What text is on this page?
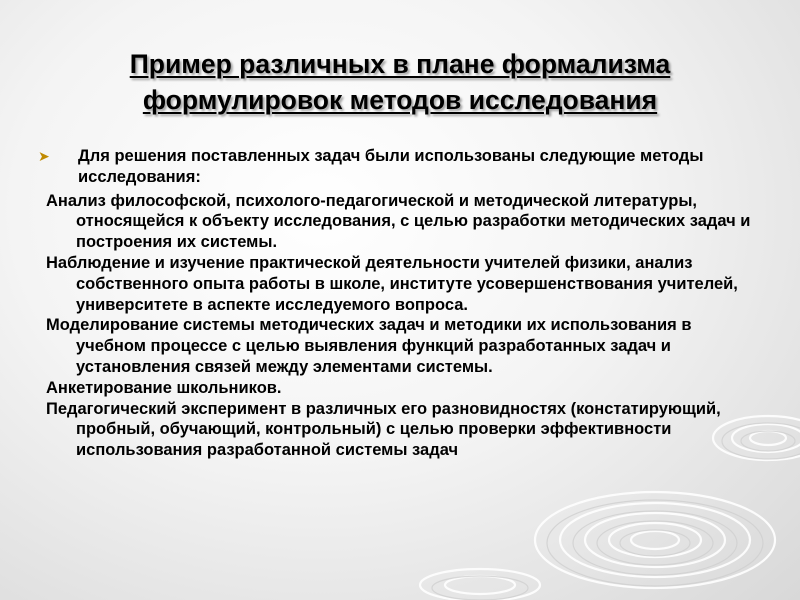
Пример различных в плане формализма
формулировок методов исследования
➤	Для решения поставленных задач были использованы следующие методы исследования:
Анализ философской, психолого-педагогической и методической литературы, относящейся к объекту исследования, с целью разработки методических задач и построения их системы.
Наблюдение и изучение практической деятельности учителей физики, анализ собственного опыта работы в школе, институте усовершенствования учителей, университете в аспекте исследуемого вопроса.
Моделирование системы методических задач и методики их использования в учебном процессе с целью выявления функций разработанных задач и установления связей между элементами системы.
Анкетирование школьников.
Педагогический эксперимент в различных его разновидностях (констатирующий, пробный, обучающий, контрольный) с целью проверки эффективности использования разработанной системы задач
